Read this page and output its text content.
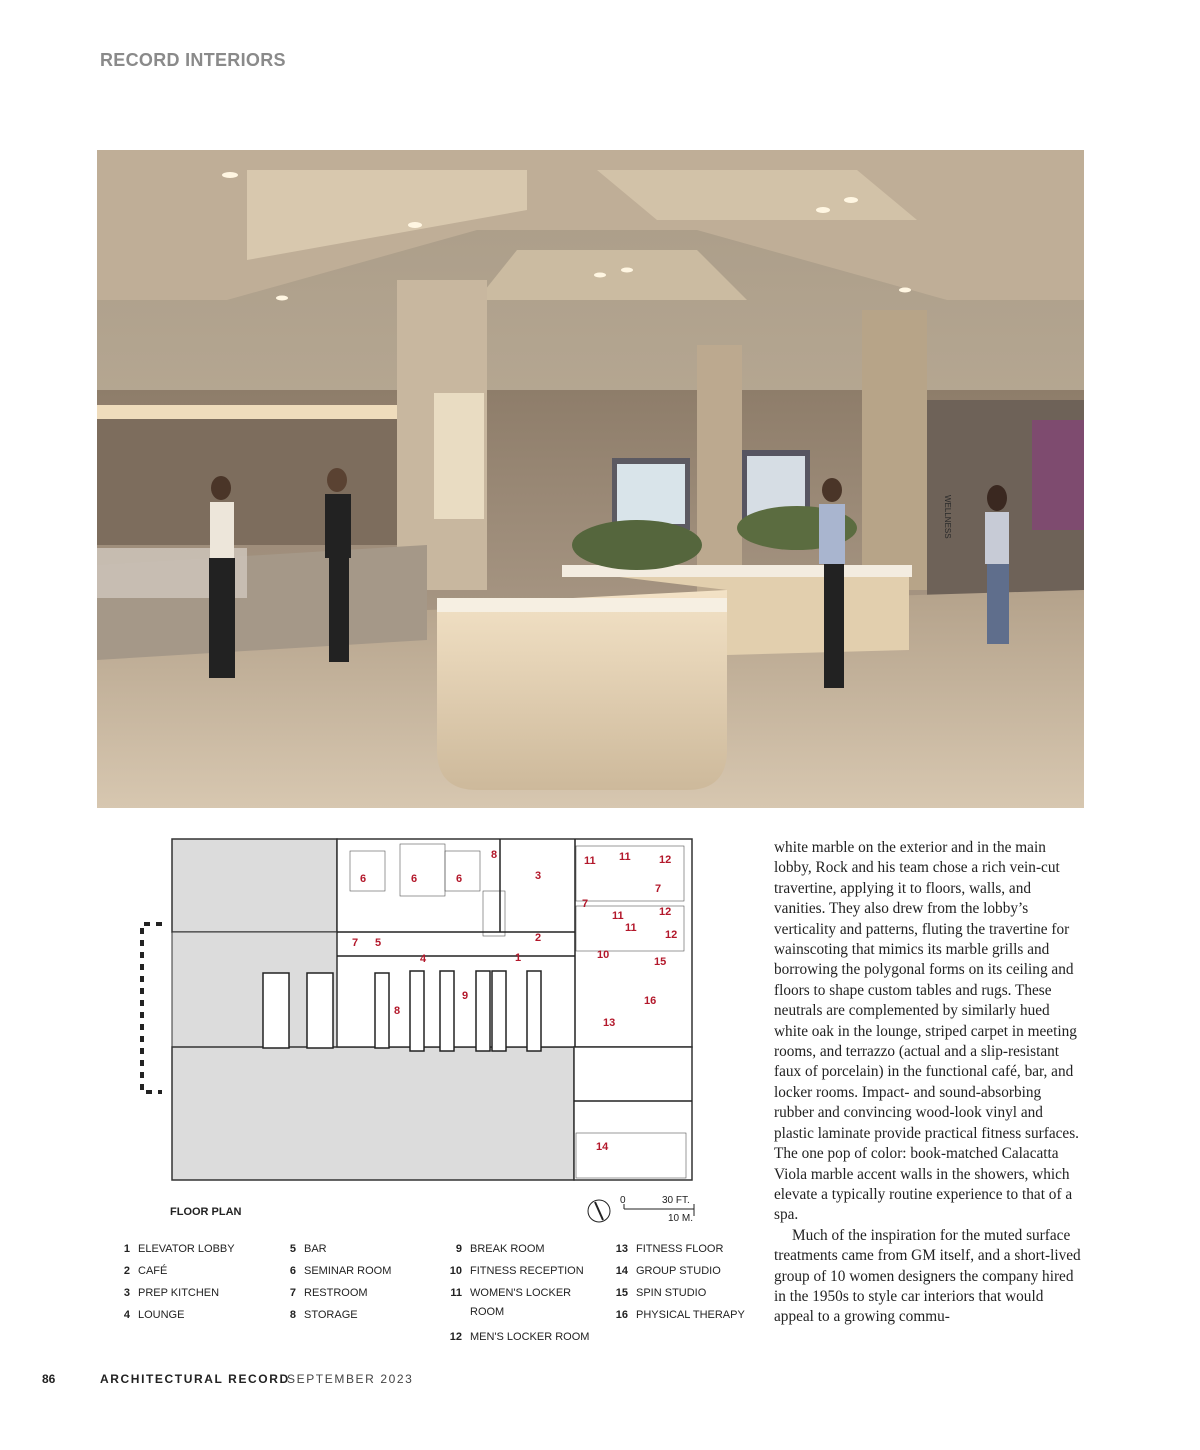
RECORD INTERIORS
WELLNESS
1
2
3
4
5
6	6	6
7
7
7
8
8
9
10
11 11
11
11
12
12
12
13
14
15
16
FLOOR PLAN
0	30 FT.
10 M.
1 ELEVATOR LOBBY
2 CAFÉ
3 PREP KITCHEN
4 LOUNGE
5 BAR
6 SEMINAR ROOM
7 RESTROOM
8 STORAGE
9 BREAK ROOM
10 FITNESS RECEPTION
11 WOMEN'S LOCKER ROOM
12 MEN'S LOCKER ROOM
13 FITNESS FLOOR
14 GROUP STUDIO
15 SPIN STUDIO
16 PHYSICAL THERAPY

white marble on the exterior and in the main lobby, Rock and his team chose a rich vein-cut travertine, applying it to floors, walls, and vanities. They also drew from the lobby’s verticality and patterns, fluting the travertine for wainscoting that mimics its marble grills and borrowing the polygonal forms on its ceiling and floors to shape custom tables and rugs. These neutrals are complemented by similarly hued white oak in the lounge, striped carpet in meeting rooms, and terrazzo (actual and a slip-resistant faux of porcelain) in the functional café, bar, and locker rooms. Impact- and sound-absorbing rubber and convincing wood-look vinyl and plastic laminate provide practical fitness surfaces. The one pop of color: book-matched Calacatta Viola marble accent walls in the showers, which elevate a typically routine experience to that of a spa.

Much of the inspiration for the muted surface treatments came from GM itself, and a short-lived group of 10 women designers the company hired in the 1950s to style car interiors that would appeal to a growing commu-

86	ARCHITECTURAL RECORD
SEPTEMBER 2023
